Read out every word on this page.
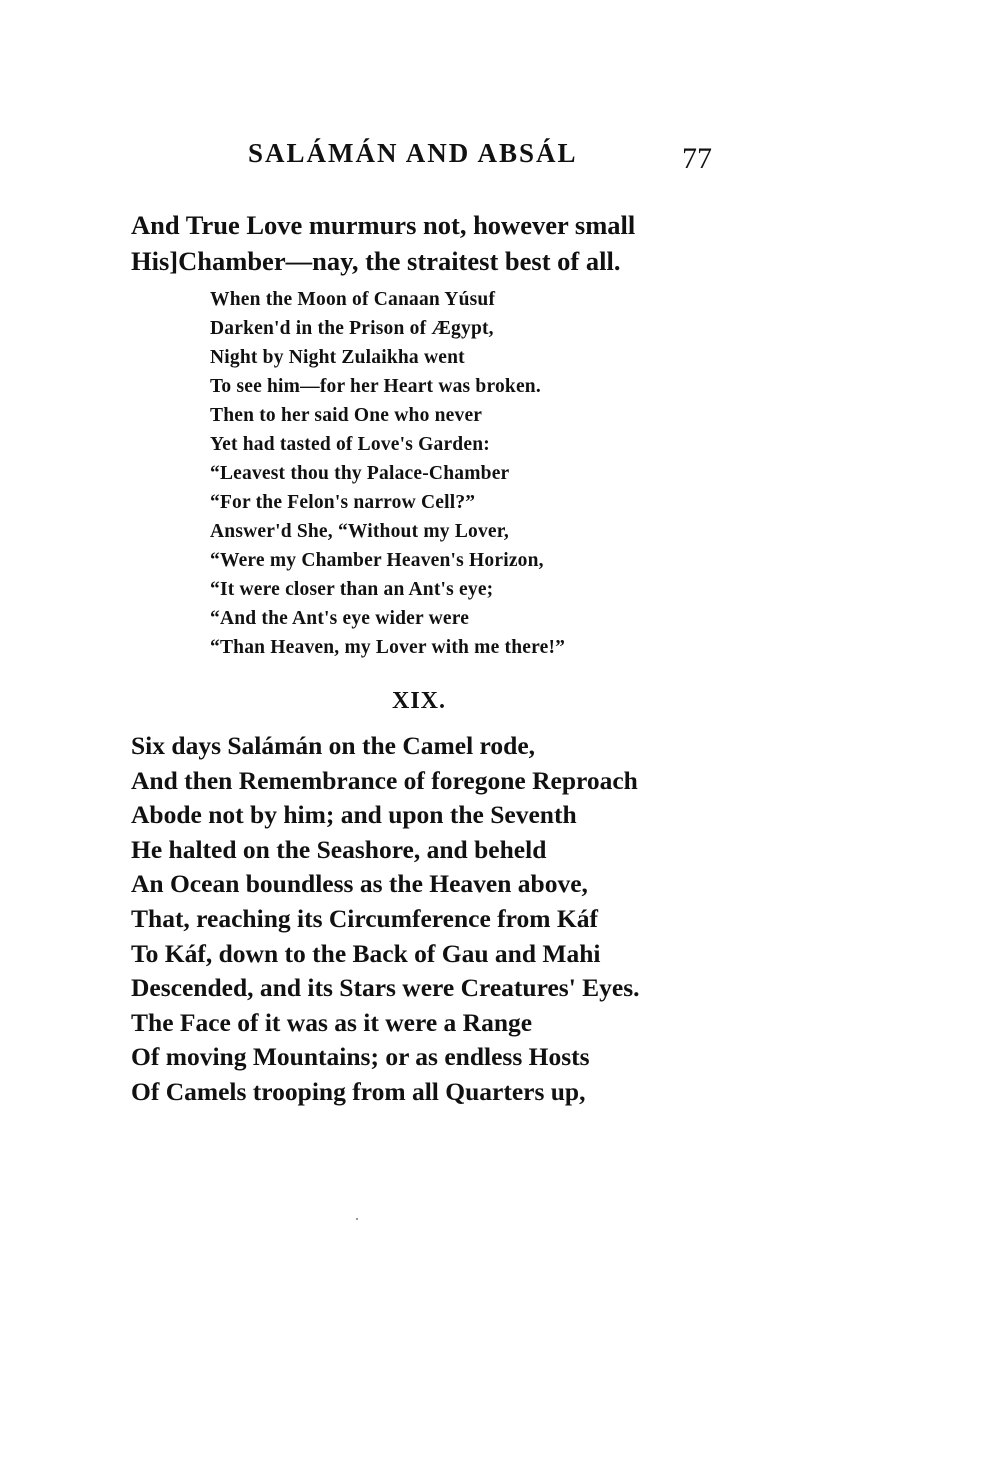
SALÁMÁN AND ABSÁL	77
And True Love murmurs not, however small
His]Chamber—nay, the straitest best of all.
When the Moon of Canaan Yúsuf
Darken'd in the Prison of Ægypt,
Night by Night Zulaikha went
To see him—for her Heart was broken.
Then to her said One who never
Yet had tasted of Love's Garden:
“Leavest thou thy Palace-Chamber
“For the Felon's narrow Cell?”
Answer'd She, “Without my Lover,
“Were my Chamber Heaven's Horizon,
“It were closer than an Ant's eye;
“And the Ant's eye wider were
“Than Heaven, my Lover with me there!”
XIX.
Six days Salámán on the Camel rode,
And then Remembrance of foregone Reproach
Abode not by him; and upon the Seventh
He halted on the Seashore, and beheld
An Ocean boundless as the Heaven above,
That, reaching its Circumference from Káf
To Káf, down to the Back of Gau and Mahi
Descended, and its Stars were Creatures' Eyes.
The Face of it was as it were a Range
Of moving Mountains; or as endless Hosts
Of Camels trooping from all Quarters up,
